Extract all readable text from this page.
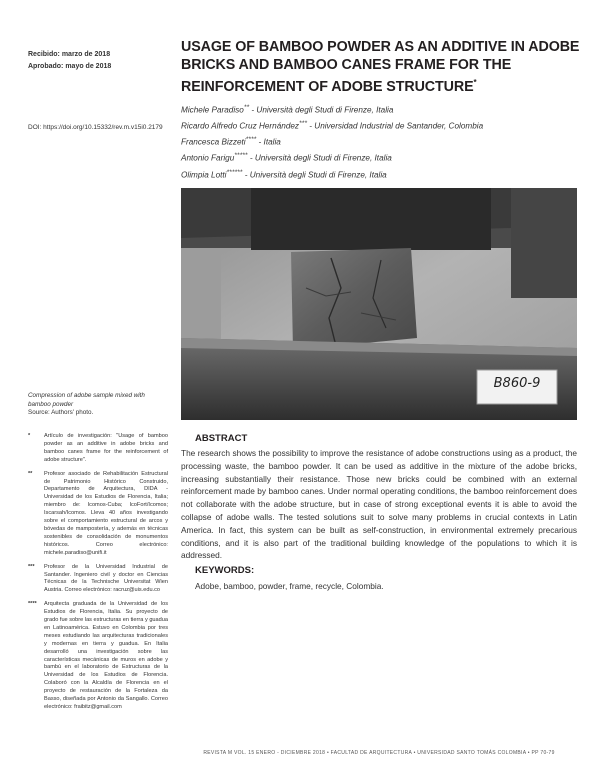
Recibido: marzo de 2018
Aprobado: mayo de 2018
DOI: https://doi.org/10.15332/rev.m.v15i0.2179
USAGE OF BAMBOO POWDER AS AN ADDITIVE IN ADOBE BRICKS AND BAMBOO CANES FRAME FOR THE REINFORCEMENT OF ADOBE STRUCTURE*
Michele Paradiso** - Università degli Studi di Firenze, Italia
Ricardo Alfredo Cruz Hernández*** - Universidad Industrial de Santander, Colombia
Francesca Bizzeti**** - Italia
Antonio Farigu***** - Università degli Studi di Firenze, Italia
Olimpia Lotti****** - Università degli Studi di Firenze, Italia
B860-9
Compression of adobe sample mixed with bamboo powder
Source: Authors' photo.
*	Artículo de investigación: "Usage of bamboo powder as an additive in adobe bricks and bamboo canes frame for the reinforcement of adobe structure".
**	Profesor asociado de Rehabilitación Estructural de Patrimonio Histórico Construido, Departamento de Arquitectura, DIDA - Universidad de los Estudios de Florencia, Italia; miembro de: Icomos-Cuba; IcoFort/Icomos; Iscarsah/Icomos. Lleva 40 años investigando sobre el comportamiento estructural de arcos y bóvedas de mampostería, y además en técnicas sostenibles de consolidación de monumentos históricos. Correo electrónico: michele.paradiso@unifi.it
***	Profesor de la Universidad Industrial de Santander. Ingeniero civil y doctor en Ciencias Técnicas de la Technische Universitat Wien Austria. Correo electrónico: racruz@uis.edu.co
****	Arquitecta graduada de la Universidad de los Estudios de Florencia, Italia. Su proyecto de grado fue sobre las estructuras en tierra y guadua en Latinoamérica. Estuvo en Colombia por tres meses estudiando las arquitecturas tradicionales y modernas en tierra y guadua. En Italia desarrolló una investigación sobre las características mecánicas de muros en adobe y bambú en el laboratorio de Estructuras de la Universidad de los Estudios de Florencia. Colaboró con la Alcaldía de Florencia en el proyecto de restauración de la Fortaleza da Basso, diseñada por Antonio da Sangallo. Correo electrónico: fraibitz@gmail.com
ABSTRACT
The research shows the possibility to improve the resistance of adobe constructions using as a product, the processing waste, the bamboo powder. It can be used as additive in the mixture of the adobe bricks, increasing substantially their resistance. Those new bricks could be combined with an external reinforcement made by bamboo canes. Under normal operating conditions, the bamboo reinforcement does not collaborate with the adobe structure, but in case of strong exceptional events it is able to avoid the collapse of adobe walls. The tested solutions suit to solve many problems in crucial contexts in Latin America. In fact, this system can be built as self-construction, in environmental extremely precarious conditions, and it is also part of the traditional building knowledge of the populations to which it is addressed.
KEYWORDS:
Adobe, bamboo, powder, frame, recycle, Colombia.
REVISTA M VOL. 15 ENERO - DICIEMBRE 2018 • FACULTAD DE ARQUITECTURA • UNIVERSIDAD SANTO TOMÁS COLOMBIA • PP 70-79
